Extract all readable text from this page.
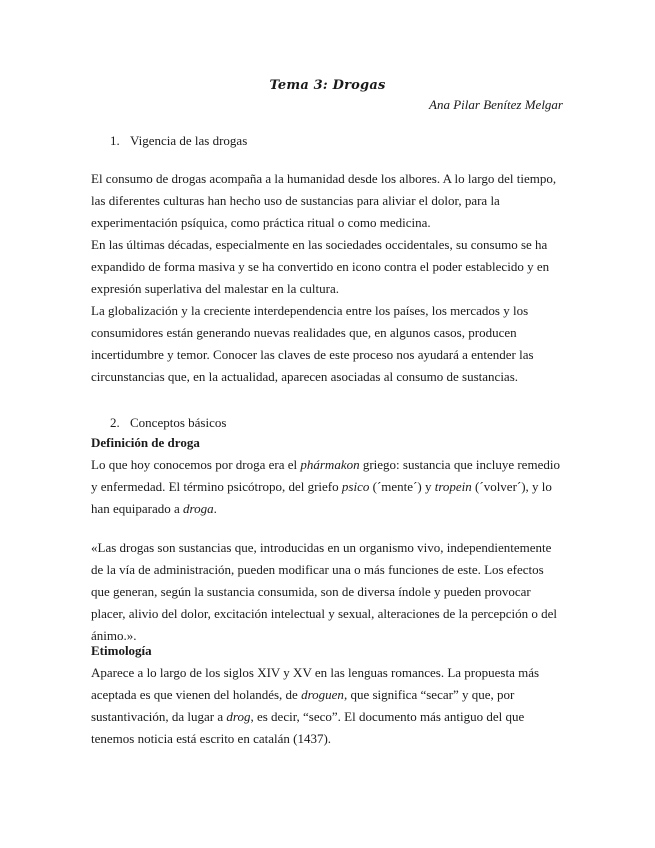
Tema 3: Drogas
Ana Pilar Benítez Melgar
1. Vigencia de las drogas

El consumo de drogas acompaña a la humanidad desde los albores. A lo largo del tiempo, las diferentes culturas han hecho uso de sustancias para aliviar el dolor, para la experimentación psíquica, como práctica ritual o como medicina.

En las últimas décadas, especialmente en las sociedades occidentales, su consumo se ha expandido de forma masiva y se ha convertido en icono contra el poder establecido y en expresión superlativa del malestar en la cultura.

La globalización y la creciente interdependencia entre los países, los mercados y los consumidores están generando nuevas realidades que, en algunos casos, producen incertidumbre y temor. Conocer las claves de este proceso nos ayudará a entender las circunstancias que, en la actualidad, aparecen asociadas al consumo de sustancias.

2. Conceptos básicos

Definición de droga

Lo que hoy conocemos por droga era el phármakon griego: sustancia que incluye remedio y enfermedad. El término psicótropo, del griefo psico (´mente´) y tropein (´volver´), y lo han equiparado a droga.

«Las drogas son sustancias que, introducidas en un organismo vivo, independientemente de la vía de administración, pueden modificar una o más funciones de este. Los efectos que generan, según la sustancia consumida, son de diversa índole y pueden provocar placer, alivio del dolor, excitación intelectual y sexual, alteraciones de la percepción o del ánimo.».

Etimología

Aparece a lo largo de los siglos XIV y XV en las lenguas romances. La propuesta más aceptada es que vienen del holandés, de droguen, que significa “secar” y que, por sustantivación, da lugar a drog, es decir, “seco”. El documento más antiguo del que tenemos noticia está escrito en catalán (1437).
